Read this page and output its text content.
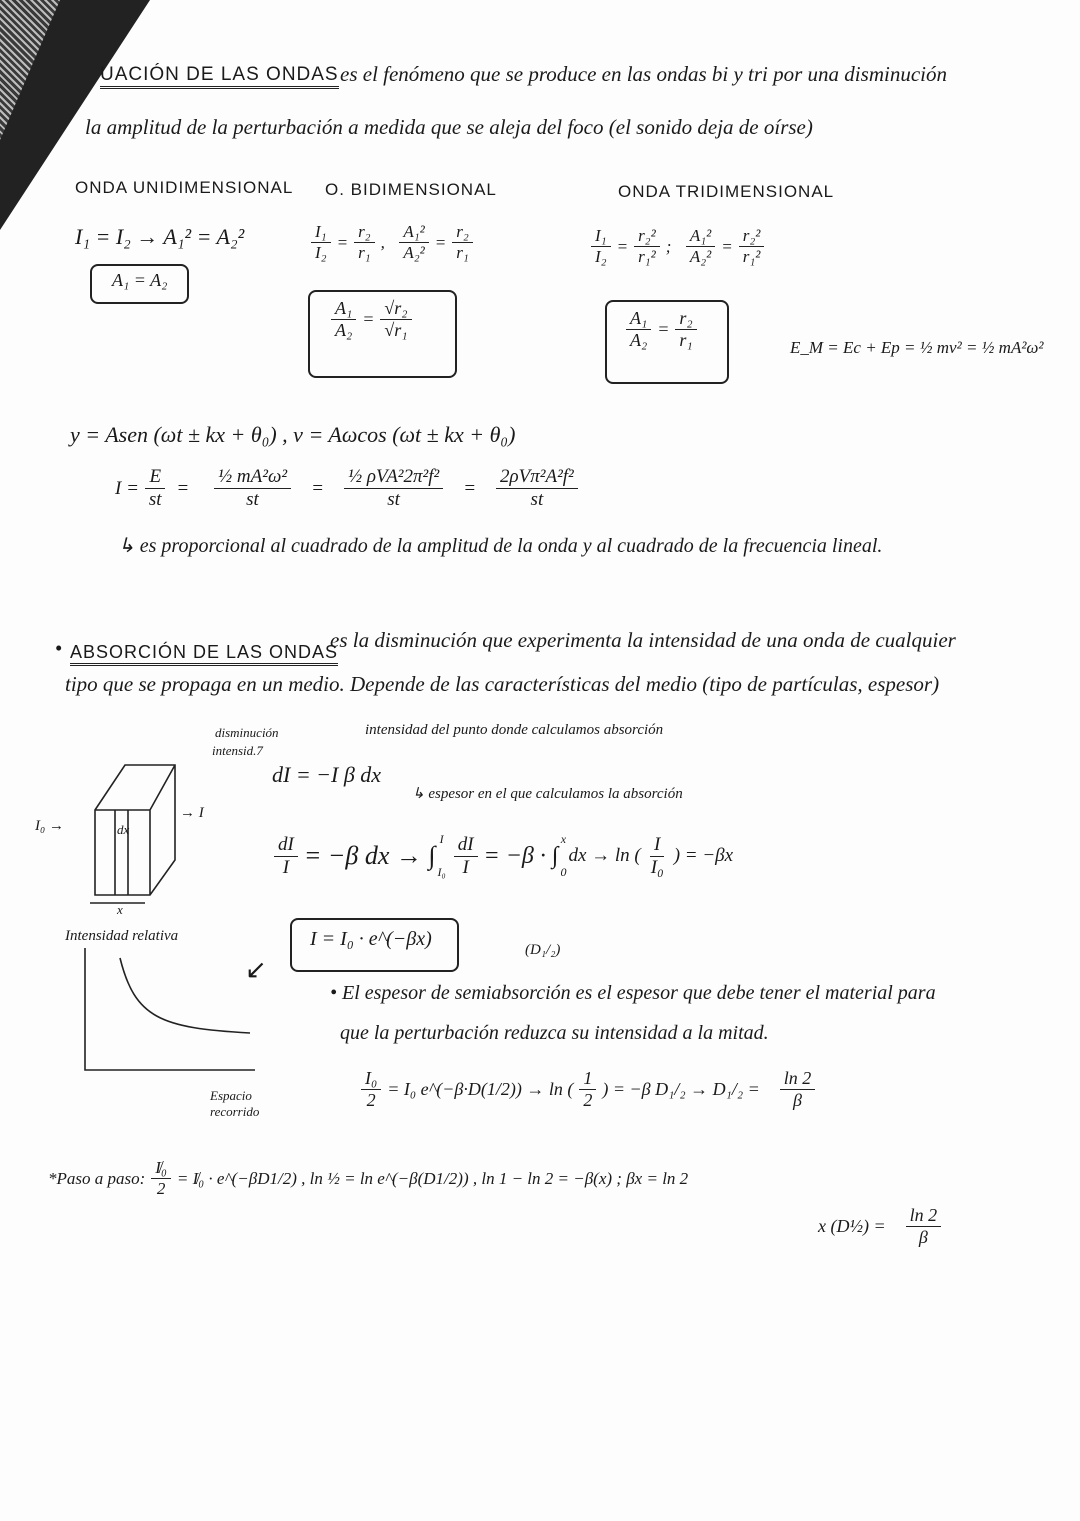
UACIÓN DE LAS ONDAS es el fenómeno que se produce en las ondas bi y tri por una disminución
la amplitud de la perturbación a medida que se aleja del foco (el sonido deja de oírse)
ONDA UNIDIMENSIONAL O. BIDIMENSIONAL	ONDA TRIDIMENSIONAL
I₁ = I₂ → A₁² = A₂²
A₁ = A₂
$\frac{\text{I₁}}{\text{I₂}} = \frac{\text{r₂}}{\text{r₁}}$ , $\frac{\text{A₁²}}{\text{A₂²}} = \frac{\text{r₂}}{\text{r₁}}$
$\frac{\text{A₁}}{\text{A₂}} = \frac{\text{√r₂}}{\text{√r₁}}$
$\frac{\text{I₁}}{\text{I₂}} = \frac{\text{r₂²}}{\text{r₁²}}$ ; $\frac{\text{A₁²}}{\text{A₂²}} = \frac{\text{r₂²}}{\text{r₁²}}$
$\frac{\text{A₁}}{\text{A₂}} = \frac{\text{r₂}}{\text{r₁}}$	E_M = Ec + Ep = ½ mv² = ½ mA²ω²
y = Asen (ωt ± kx + θ₀) , v = Aωcos (ωt ± kx + θ₀)
$I = \frac{E}{st} = \frac{\text{½ mA²ω²}}{st} = \frac{\text{½ ρVA²2π²f²}}{st} = \frac{\text{2ρVπ²A²f²}}{st}$
↳ es proporcional al cuadrado de la amplitud de la onda y al cuadrado de la frecuencia lineal.
• ABSORCIÓN DE LAS ONDAS
es la disminución que experimenta la intensidad de una onda de cualquier
tipo que se propaga en un medio. Depende de las características del medio (tipo de partículas, espesor)
disminución
intensid.7
intensidad del punto donde calculamos absorción
dI = −I β dx
↳ espesor en el que calculamos la absorción
I₀ →
→ I
dx
x
$\frac{dI}{I} = -\beta$ dx → ∫
I
$I_0 \frac{dI}{I} = -\beta$ · ∫
x
0
dx → ln ( $\frac{I}{\text{I₀}}$ ) = −βx
I = I₀ · e^(−βx)
Intensidad relativa
↙
Espacio recorrido
(D₁/₂)
• El espesor de semiabsorción es el espesor que debe tener el material para
que la perturbación reduzca su intensidad a la mitad.
$\frac{\text{I₀}}{2} = I_0$ e^(−β·D(1/2)) → ln ( $\frac{1}{2}$ ) = −β $D_1/_2 \to D_1/_2 = \frac{\ln 2}{\beta}$
*Paso a paso: $\frac{\text{I̸₀}}{2}$ = I̸₀ · e^(−βD1/2) , ln ½ = ln e^(−β(D1/2)) , ln 1 − ln 2 = −β(x) ; βx = ln 2
x (D½) = $\frac{\ln 2}{\beta}$
